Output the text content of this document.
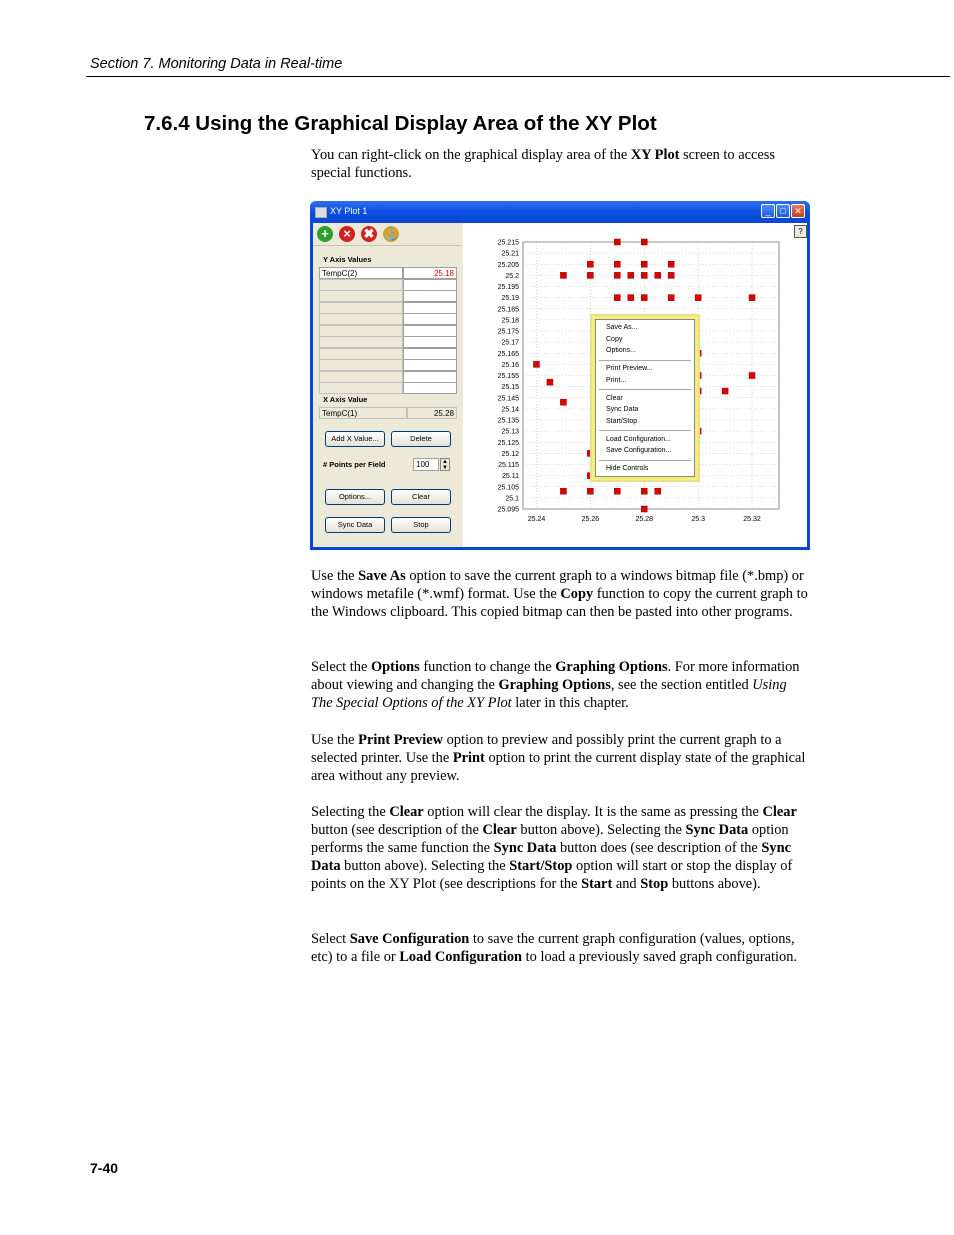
Section 7. Monitoring Data in Real-time
7.6.4 Using the Graphical Display Area of the XY Plot

You can right-click on the graphical display area of the XY Plot screen to access special functions.

XY Plot 1	_	□ ✕
+	× ✖ ⚓
Y Axis Values
TempC(2)	25.18
X Axis Value
TempC(1)	25.28
Add X Value...	Delete
# Points per Field	100	▲
▼
Options...	Clear
Sync Data	Stop
25.215
25.21
25.205
25.2
25.195
25.19
25.185
25.18
25.175
25.17
25.165
25.16
25.155
25.15
25.145
25.14
25.135
25.13
25.125
25.12
25.115
25.11
25.105
25.1
25.095
25.24	25.26	25.28	25.3	25.32
?
Save As...
Copy
Options...
Print Preview...
Print...
Clear
Sync Data
Start/Stop
Load Configuration...
Save Configuration...
Hide Controls

Use the Save As option to save the current graph to a windows bitmap file (*.bmp) or windows metafile (*.wmf) format. Use the Copy function to copy the current graph to the Windows clipboard. This copied bitmap can then be pasted into other programs.

Select the Options function to change the Graphing Options. For more information about viewing and changing the Graphing Options, see the section entitled Using The Special Options of the XY Plot later in this chapter.

Use the Print Preview option to preview and possibly print the current graph to a selected printer. Use the Print option to print the current display state of the graphical area without any preview.

Selecting the Clear option will clear the display. It is the same as pressing the Clear button (see description of the Clear button above). Selecting the Sync Data option performs the same function the Sync Data button does (see description of the Sync Data button above). Selecting the Start/Stop option will start or stop the display of points on the XY Plot (see descriptions for the Start and Stop buttons above).

Select Save Configuration to save the current graph configuration (values, options, etc) to a file or Load Configuration to load a previously saved graph configuration.

7-40
